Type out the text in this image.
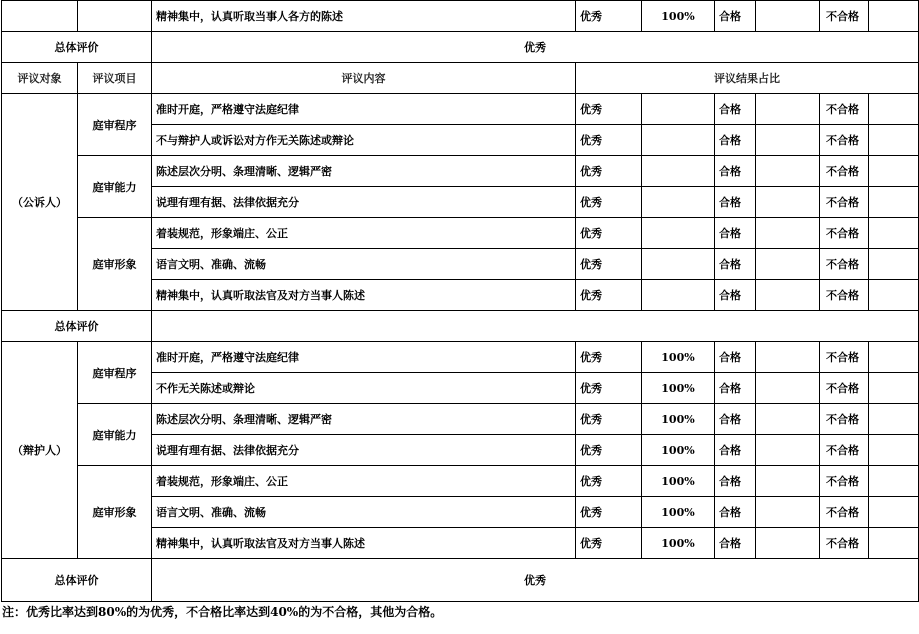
		精神集中，认真听取当事人各方的陈述	优秀	100%	合格		不合格	
总体评价		优秀						
评议对象	评议项目	评议内容	评议结果占比					
（公诉人）	庭审程序	准时开庭，严格遵守法庭纪律	优秀		合格		不合格	
		不与辩护人或诉讼对方作无关陈述或辩论	优秀		合格		不合格	
	庭审能力	陈述层次分明、条理清晰、逻辑严密	优秀		合格		不合格	
		说理有理有据、法律依据充分	优秀		合格		不合格	
	庭审形象	着装规范，形象端庄、公正	优秀		合格		不合格	
		语言文明、准确、流畅	优秀		合格		不合格	
		精神集中，认真听取法官及对方当事人陈述	优秀		合格		不合格	
总体评价								
（辩护人）	庭审程序	准时开庭，严格遵守法庭纪律	优秀	100%	合格		不合格	
		不作无关陈述或辩论	优秀	100%	合格		不合格	
	庭审能力	陈述层次分明、条理清晰、逻辑严密	优秀	100%	合格		不合格	
		说理有理有据、法律依据充分	优秀	100%	合格		不合格	
	庭审形象	着装规范，形象端庄、公正	优秀	100%	合格		不合格	
		语言文明、准确、流畅	优秀	100%	合格		不合格	
		精神集中，认真听取法官及对方当事人陈述	优秀	100%	合格		不合格	
总体评价		优秀						
注：优秀比率达到80%的为优秀，不合格比率达到40%的为不合格，其他为合格。
